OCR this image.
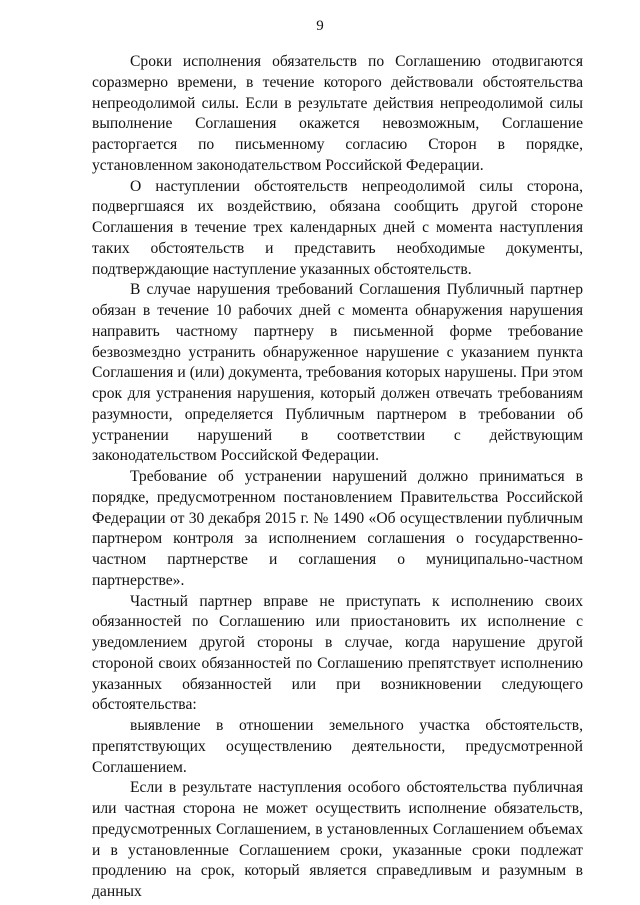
9

Сроки исполнения обязательств по Соглашению отодвигаются соразмерно времени, в течение которого действовали обстоятельства непреодолимой силы. Если в результате действия непреодолимой силы выполнение Соглашения окажется невозможным, Соглашение расторгается по письменному согласию Сторон в порядке, установленном законодательством Российской Федерации.

О наступлении обстоятельств непреодолимой силы сторона, подвергшаяся их воздействию, обязана сообщить другой стороне Соглашения в течение трех календарных дней с момента наступления таких обстоятельств и представить необходимые документы, подтверждающие наступление указанных обстоятельств.

В случае нарушения требований Соглашения Публичный партнер обязан в течение 10 рабочих дней с момента обнаружения нарушения направить частному партнеру в письменной форме требование безвозмездно устранить обнаруженное нарушение с указанием пункта Соглашения и (или) документа, требования которых нарушены. При этом срок для устранения нарушения, который должен отвечать требованиям разумности, определяется Публичным партнером в требовании об устранении нарушений в соответствии с действующим законодательством Российской Федерации.

Требование об устранении нарушений должно приниматься в порядке, предусмотренном постановлением Правительства Российской Федерации от 30 декабря 2015 г. № 1490 «Об осуществлении публичным партнером контроля за исполнением соглашения о государственно-частном партнерстве и соглашения о муниципально-частном партнерстве».

Частный партнер вправе не приступать к исполнению своих обязанностей по Соглашению или приостановить их исполнение с уведомлением другой стороны в случае, когда нарушение другой стороной своих обязанностей по Соглашению препятствует исполнению указанных обязанностей или при возникновении следующего обстоятельства:

выявление в отношении земельного участка обстоятельств, препятствующих осуществлению деятельности, предусмотренной Соглашением.

Если в результате наступления особого обстоятельства публичная или частная сторона не может осуществить исполнение обязательств, предусмотренных Соглашением, в установленных Соглашением объемах и в установленные Соглашением сроки, указанные сроки подлежат продлению на срок, который является справедливым и разумным в данных
